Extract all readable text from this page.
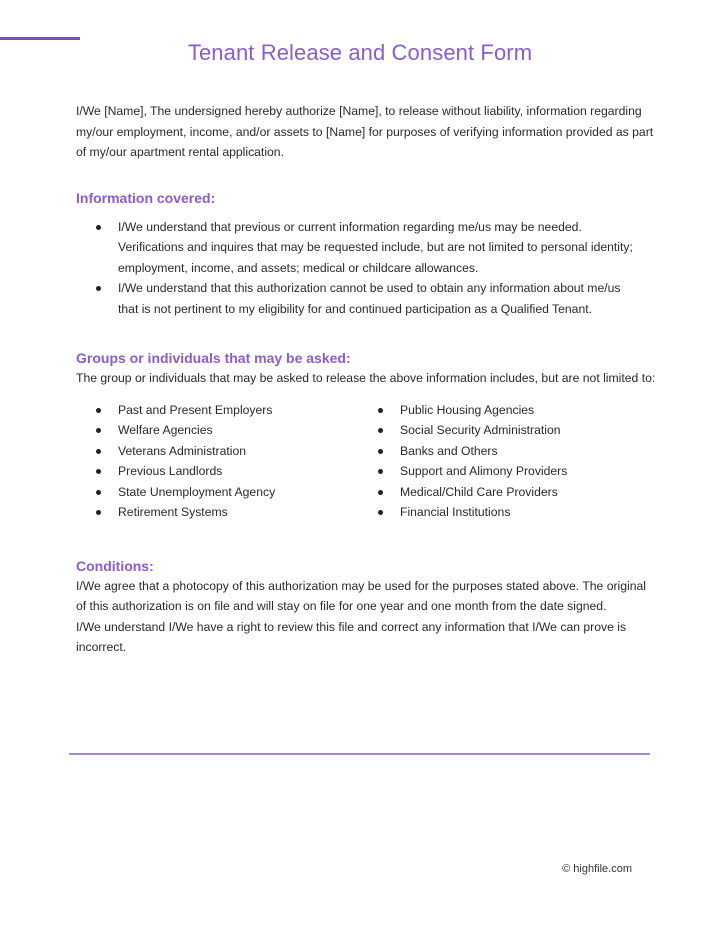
Tenant Release and Consent Form

I/We [Name], The undersigned hereby authorize [Name], to release without liability, information regarding my/our employment, income, and/or assets to [Name] for purposes of verifying information provided as part of my/our apartment rental application.

Information covered:
I/We understand that previous or current information regarding me/us may be needed. Verifications and inquires that may be requested include, but are not limited to personal identity; employment, income, and assets; medical or childcare allowances.
I/We understand that this authorization cannot be used to obtain any information about me/us that is not pertinent to my eligibility for and continued participation as a Qualified Tenant.
Groups or individuals that may be asked:

The group or individuals that may be asked to release the above information includes, but are not limited to:

Past and Present Employers
Welfare Agencies
Veterans Administration
Previous Landlords
State Unemployment Agency
Retirement Systems
Public Housing Agencies
Social Security Administration
Banks and Others
Support and Alimony Providers
Medical/Child Care Providers
Financial Institutions
Conditions:

I/We agree that a photocopy of this authorization may be used for the purposes stated above. The original of this authorization is on file and will stay on file for one year and one month from the date signed.

I/We understand I/We have a right to review this file and correct any information that I/We can prove is incorrect.

© highfile.com
